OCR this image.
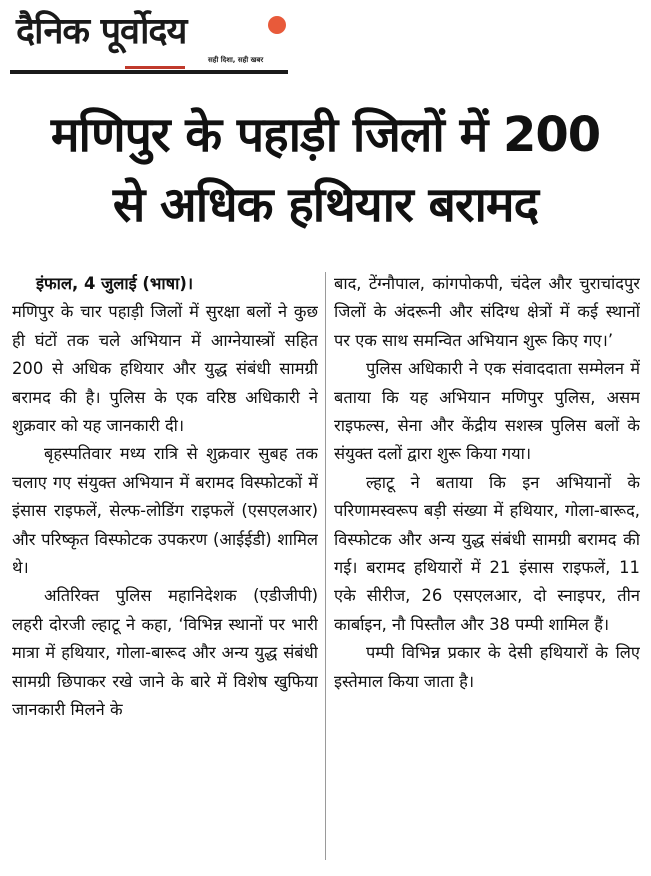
दैनिक पूर्वोदय
सही दिशा, सही खबर
मणिपुर के पहाड़ी जिलों में 200
से अधिक हथियार बरामद
इंफाल, 4 जुलाई (भाषा)।

मणिपुर के चार पहाड़ी जिलों में सुरक्षा बलों ने कुछ ही घंटों तक चले अभियान में आग्नेयास्त्रों सहित 200 से अधिक हथियार और युद्ध संबंधी सामग्री बरामद की है। पुलिस के एक वरिष्ठ अधिकारी ने शुक्रवार को यह जानकारी दी।

बृहस्पतिवार मध्य रात्रि से शुक्रवार सुबह तक चलाए गए संयुक्त अभियान में बरामद विस्फोटकों में इंसास राइफलें, सेल्फ-लोडिंग राइफलें (एसएलआर) और परिष्कृत विस्फोटक उपकरण (आईईडी) शामिल थे।

अतिरिक्त पुलिस महानिदेशक (एडीजीपी) लहरी दोरजी ल्हाटू ने कहा, ‘विभिन्न स्थानों पर भारी मात्रा में हथियार, गोला-बारूद और अन्य युद्ध संबंधी सामग्री छिपाकर रखे जाने के बारे में विशेष खुफिया जानकारी मिलने के

बाद, टेंग्नौपाल, कांगपोकपी, चंदेल और चुराचांदपुर जिलों के अंदरूनी और संदिग्ध क्षेत्रों में कई स्थानों पर एक साथ समन्वित अभियान शुरू किए गए।’

पुलिस अधिकारी ने एक संवाददाता सम्मेलन में बताया कि यह अभियान मणिपुर पुलिस, असम राइफल्स, सेना और केंद्रीय सशस्त्र पुलिस बलों के संयुक्त दलों द्वारा शुरू किया गया।

ल्हाटू ने बताया कि इन अभियानों के परिणामस्वरूप बड़ी संख्या में हथियार, गोला-बारूद, विस्फोटक और अन्य युद्ध संबंधी सामग्री बरामद की गई। बरामद हथियारों में 21 इंसास राइफलें, 11 एके सीरीज, 26 एसएलआर, दो स्नाइपर, तीन कार्बाइन, नौ पिस्तौल और 38 पम्पी शामिल हैं।

पम्पी विभिन्न प्रकार के देसी हथियारों के लिए इस्तेमाल किया जाता है।
